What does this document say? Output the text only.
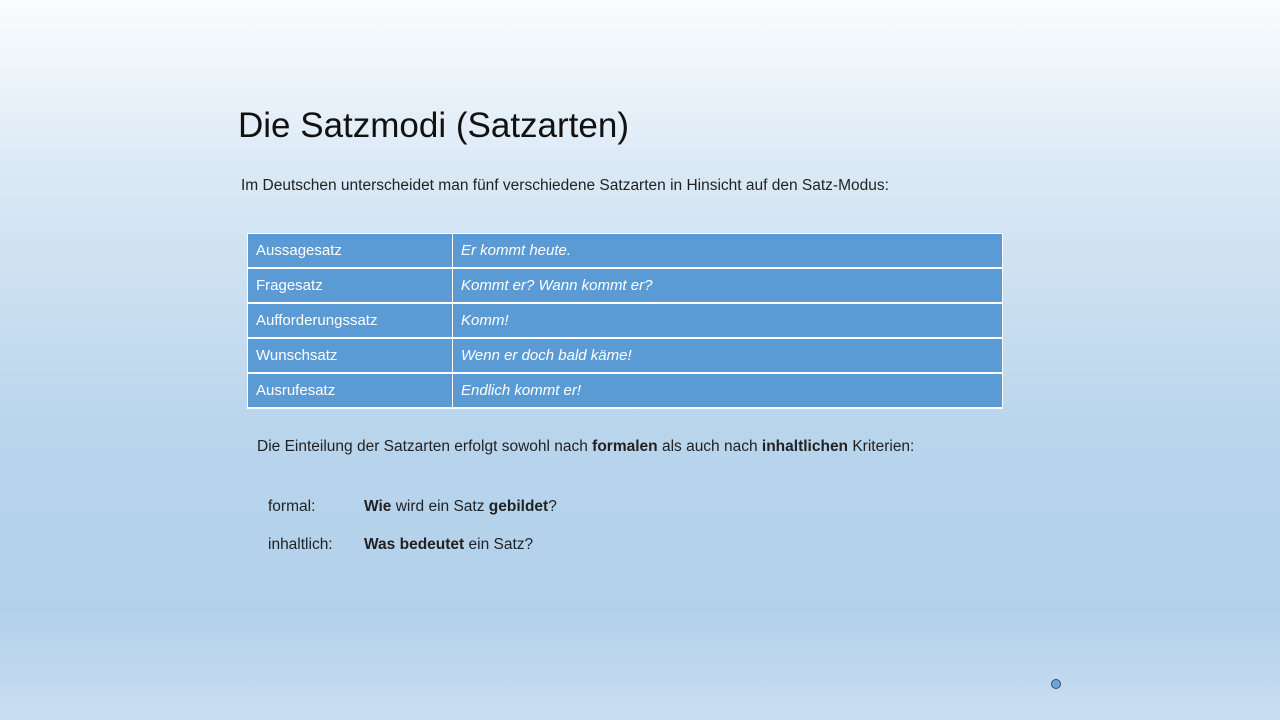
Die Satzmodi (Satzarten)
Im Deutschen unterscheidet man fünf verschiedene Satzarten in Hinsicht auf den Satz-Modus:
Aussagesatz	Er kommt heute.
Fragesatz	Kommt er? Wann kommt er?
Aufforderungssatz	Komm!
Wunschsatz	Wenn er doch bald käme!
Ausrufesatz	Endlich kommt er!
Die Einteilung der Satzarten erfolgt sowohl nach formalen als auch nach inhaltlichen Kriterien:
formal:	Wie wird ein Satz gebildet?
inhaltlich: Was bedeutet ein Satz?
